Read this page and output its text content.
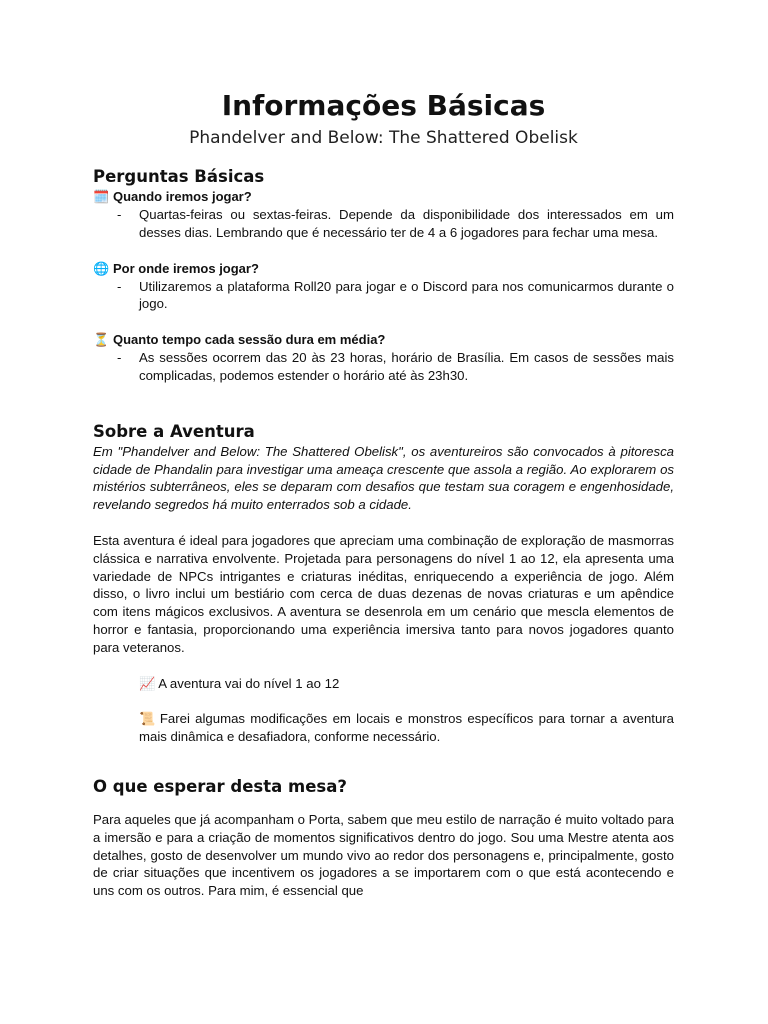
Informações Básicas
Phandelver and Below: The Shattered Obelisk
Perguntas Básicas
🗓️ Quando iremos jogar?
-	Quartas-feiras ou sextas-feiras. Depende da disponibilidade dos interessados em um desses dias. Lembrando que é necessário ter de 4 a 6 jogadores para fechar uma mesa.
🌐 Por onde iremos jogar?
-	Utilizaremos a plataforma Roll20 para jogar e o Discord para nos comunicarmos durante o jogo.
⏳ Quanto tempo cada sessão dura em média?
-	As sessões ocorrem das 20 às 23 horas, horário de Brasília. Em casos de sessões mais complicadas, podemos estender o horário até às 23h30.
Sobre a Aventura

Em "Phandelver and Below: The Shattered Obelisk", os aventureiros são convocados à pitoresca cidade de Phandalin para investigar uma ameaça crescente que assola a região. Ao explorarem os mistérios subterrâneos, eles se deparam com desafios que testam sua coragem e engenhosidade, revelando segredos há muito enterrados sob a cidade.

Esta aventura é ideal para jogadores que apreciam uma combinação de exploração de masmorras clássica e narrativa envolvente. Projetada para personagens do nível 1 ao 12, ela apresenta uma variedade de NPCs intrigantes e criaturas inéditas, enriquecendo a experiência de jogo. Além disso, o livro inclui um bestiário com cerca de duas dezenas de novas criaturas e um apêndice com itens mágicos exclusivos. A aventura se desenrola em um cenário que mescla elementos de horror e fantasia, proporcionando uma experiência imersiva tanto para novos jogadores quanto para veteranos.

📈 A aventura vai do nível 1 ao 12
📜 Farei algumas modificações em locais e monstros específicos para tornar a aventura mais dinâmica e desafiadora, conforme necessário.
O que esperar desta mesa?

Para aqueles que já acompanham o Porta, sabem que meu estilo de narração é muito voltado para a imersão e para a criação de momentos significativos dentro do jogo. Sou uma Mestre atenta aos detalhes, gosto de desenvolver um mundo vivo ao redor dos personagens e, principalmente, gosto de criar situações que incentivem os jogadores a se importarem com o que está acontecendo e uns com os outros. Para mim, é essencial que
